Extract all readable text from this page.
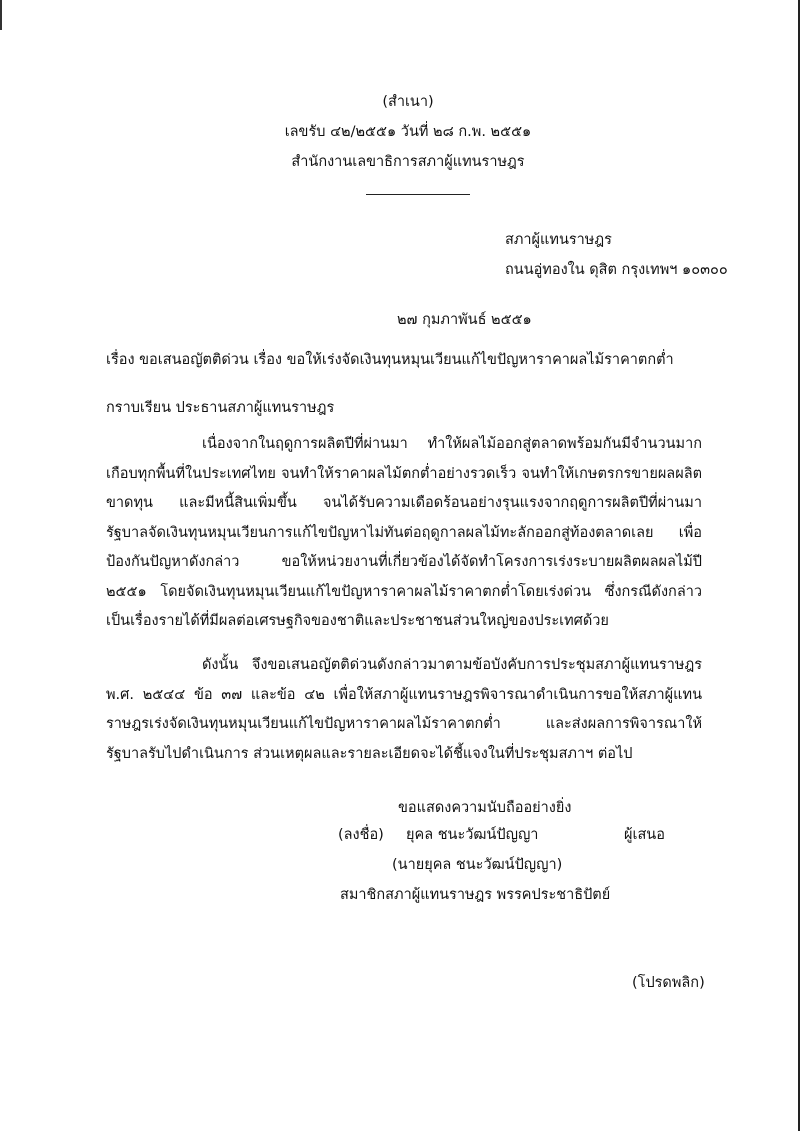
(สำเนา)
เลขรับ ๔๒/๒๕๕๑ วันที่ ๒๘ ก.พ. ๒๕๕๑
สำนักงานเลขาธิการสภาผู้แทนราษฎร
สภาผู้แทนราษฎร
ถนนอู่ทองใน ดุสิต กรุงเทพฯ ๑๐๓๐๐
๒๗ กุมภาพันธ์ ๒๕๕๑
เรื่อง ขอเสนอญัตติด่วน เรื่อง ขอให้เร่งจัดเงินทุนหมุนเวียนแก้ไขปัญหาราคาผลไม้ราคาตกต่ำ
กราบเรียน ประธานสภาผู้แทนราษฎร

เนื่องจากในฤดูการผลิตปีที่ผ่านมา ทำให้ผลไม้ออกสู่ตลาดพร้อมกันมีจำนวนมากเกือบทุกพื้นที่ในประเทศไทย จนทำให้ราคาผลไม้ตกต่ำอย่างรวดเร็ว จนทำให้เกษตรกรขายผลผลิตขาดทุน และมีหนี้สินเพิ่มขึ้น จนได้รับความเดือดร้อนอย่างรุนแรงจากฤดูการผลิตปีที่ผ่านมา รัฐบาลจัดเงินทุนหมุนเวียนการแก้ไขปัญหาไม่ทันต่อฤดูกาลผลไม้ทะลักออกสู่ท้องตลาดเลย เพื่อป้องกันปัญหาดังกล่าว ขอให้หน่วยงานที่เกี่ยวข้องได้จัดทำโครงการเร่งระบายผลิตผลผลไม้ปี ๒๕๕๑ โดยจัดเงินทุนหมุนเวียนแก้ไขปัญหาราคาผลไม้ราคาตกต่ำโดยเร่งด่วน ซึ่งกรณีดังกล่าวเป็นเรื่องรายได้ที่มีผลต่อเศรษฐกิจของชาติและประชาชนส่วนใหญ่ของประเทศด้วย

ดังนั้น จึงขอเสนอญัตติด่วนดังกล่าวมาตามข้อบังคับการประชุมสภาผู้แทนราษฎร พ.ศ. ๒๕๔๔ ข้อ ๓๗ และข้อ ๔๒ เพื่อให้สภาผู้แทนราษฎรพิจารณาดำเนินการขอให้สภาผู้แทนราษฎรเร่งจัดเงินทุนหมุนเวียนแก้ไขปัญหาราคาผลไม้ราคาตกต่ำ และส่งผลการพิจารณาให้รัฐบาลรับไปดำเนินการ ส่วนเหตุผลและรายละเอียดจะได้ชี้แจงในที่ประชุมสภาฯ ต่อไป

ขอแสดงความนับถืออย่างยิ่ง
(ลงชื่อ) ยุคล ชนะวัฒน์ปัญญา	ผู้เสนอ
(นายยุคล ชนะวัฒน์ปัญญา)
สมาชิกสภาผู้แทนราษฎร พรรคประชาธิปัตย์
(โปรดพลิก)
